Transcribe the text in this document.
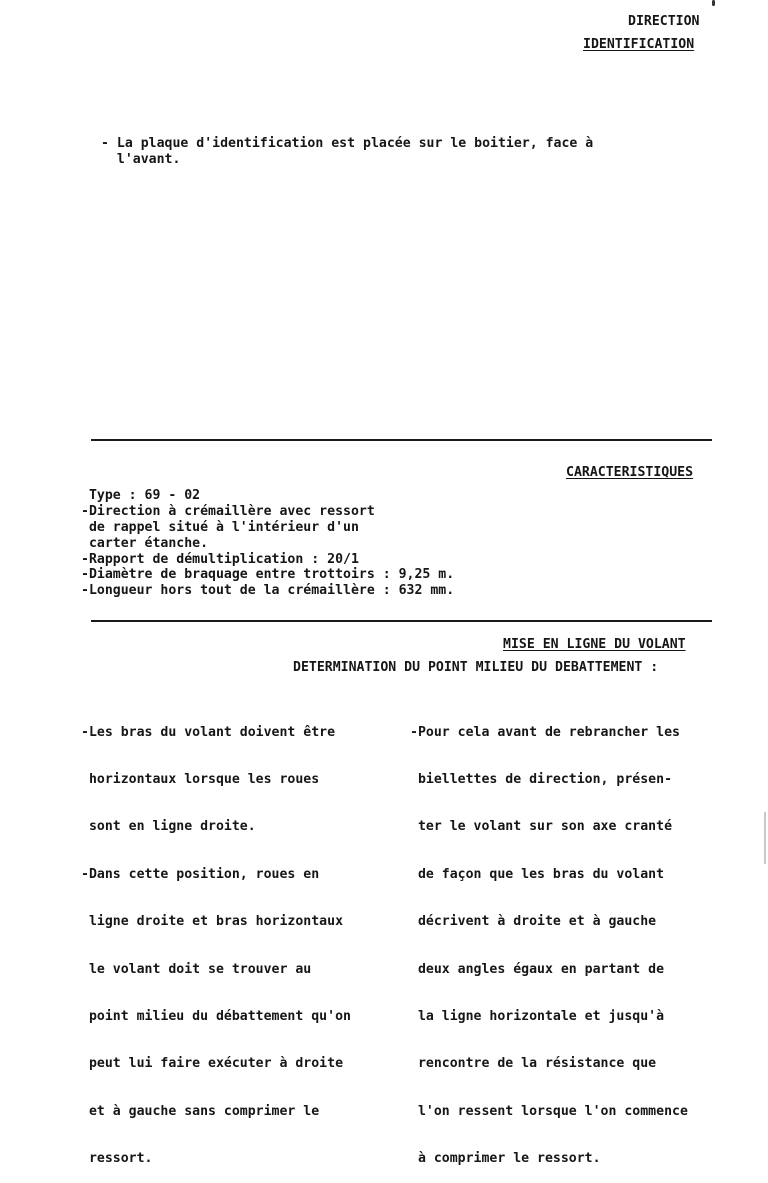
DIRECTION
IDENTIFICATION
- La plaque d'identification est placée sur le boitier, face à
l'avant.
CARACTERISTIQUES
Type : 69 - 02
-Direction à crémaillère avec ressort
de rappel situé à l'intérieur d'un
carter étanche.
-Rapport de démultiplication : 20/1
-Diamètre de braquage entre trottoirs : 9,25 m.
-Longueur hors tout de la crémaillère : 632 mm.
MISE EN LIGNE DU VOLANT
DETERMINATION DU POINT MILIEU DU DEBATTEMENT :

-Les bras du volant doivent être

horizontaux lorsque les roues

sont en ligne droite.

-Dans cette position, roues en

ligne droite et bras horizontaux

le volant doit se trouver au

point milieu du débattement qu'on

peut lui faire exécuter à droite

et à gauche sans comprimer le

ressort.

-Pour cela avant de rebrancher les

biellettes de direction, présen-

ter le volant sur son axe cranté

de façon que les bras du volant

décrivent à droite et à gauche

deux angles égaux en partant de

la ligne horizontale et jusqu'à

rencontre de la résistance que

l'on ressent lorsque l'on commence

à comprimer le ressort.
